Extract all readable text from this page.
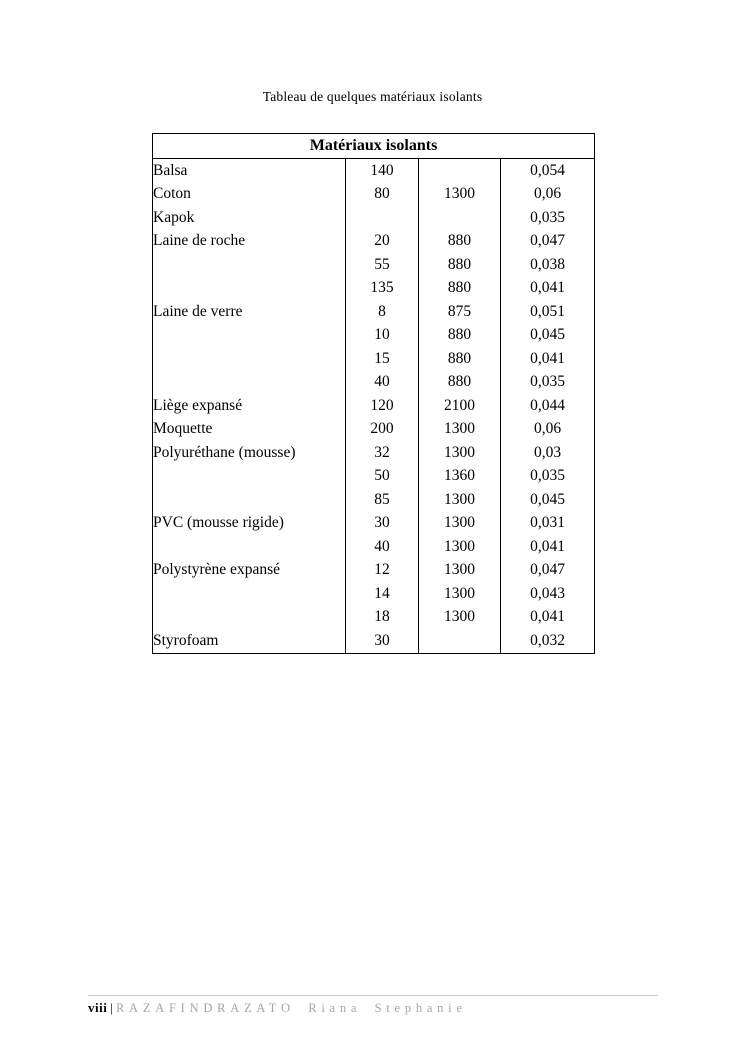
Tableau de quelques matériaux isolants
Matériaux isolants			
Balsa	140		0,054
Coton	80	1300	0,06
Kapok			0,035
Laine de roche	20	880	0,047
	55	880	0,038
	135	880	0,041
Laine de verre	8	875	0,051
	10	880	0,045
	15	880	0,041
	40	880	0,035
Liège expansé	120	2100	0,044
Moquette	200	1300	0,06
Polyuréthane (mousse)	32	1300	0,03
	50	1360	0,035
	85	1300	0,045
PVC (mousse rigide)	30	1300	0,031
	40	1300	0,041
Polystyrène expansé	12	1300	0,047
	14	1300	0,043
	18	1300	0,041
Styrofoam	30		0,032
viii | RAZAFINDRAZATO Riana Stephanie
